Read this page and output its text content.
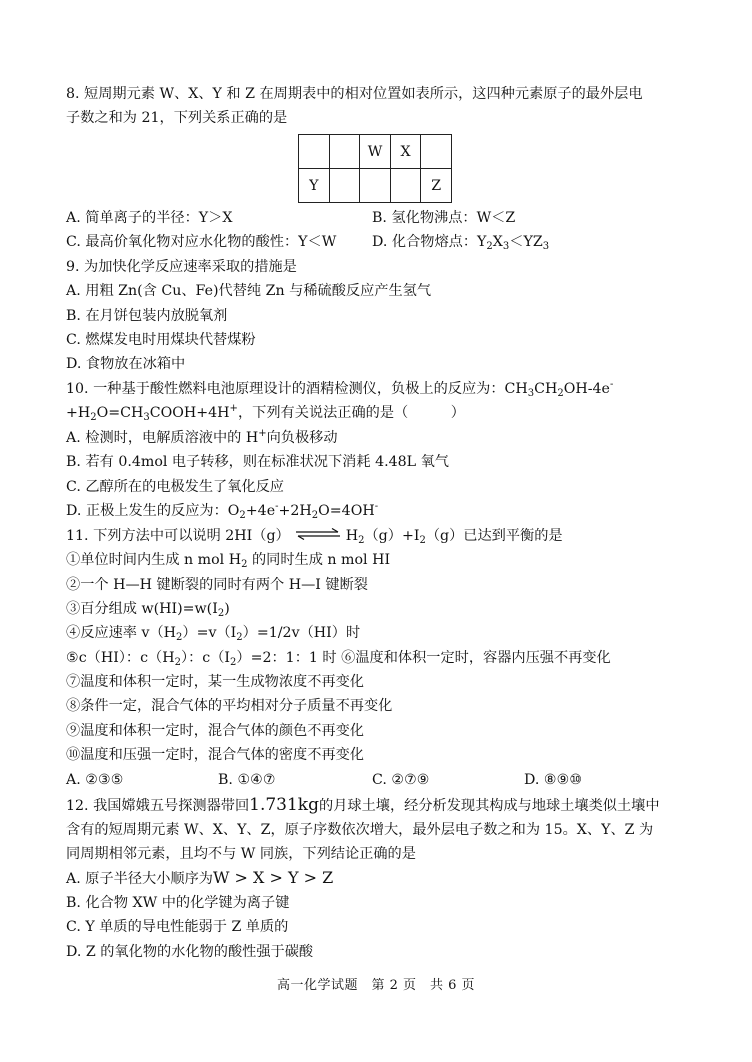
8. 短周期元素 W、X、Y 和 Z 在周期表中的相对位置如表所示，这四种元素原子的最外层电
子数之和为 21，下列关系正确的是
		W	X	
Y				Z
A. 简单离子的半径：Y＞X	B. 氢化物沸点：W＜Z
C. 最高价氧化物对应水化物的酸性：Y＜W	D. 化合物熔点：$Y_2X_3<YZ_3$
9. 为加快化学反应速率采取的措施是
A. 用粗 Zn(含 Cu、Fe)代替纯 Zn 与稀硫酸反应产生氢气
B. 在月饼包装内放脱氧剂
C. 燃煤发电时用煤块代替煤粉
D. 食物放在冰箱中
10. 一种基于酸性燃料电池原理设计的酒精检测仪，负极上的反应为：$CH_3CH_2OH-4e^-$
$+H_2O=CH_3COOH+4H^+$，下列有关说法正确的是（　　　）
A. 检测时，电解质溶液中的 H+向负极移动
B. 若有 0.4mol 电子转移，则在标准状况下消耗 4.48L 氧气
C. 乙醇所在的电极发生了氧化反应
D. 正极上发生的反应为：$O_2+4e^-+2H_2O=4OH^-$
11. 下列方法中可以说明 2HI（g） ⇌ $H_2(g)+I_2(g)$已达到平衡的是
①单位时间内生成 n mol $H_2$ 的同时生成 n mol HI
②一个 H—H 键断裂的同时有两个 H—I 键断裂
③百分组成 $w(HI)=w(I_2)$
④反应速率 $v(H_2)=v(I_2)=1/2v(HI)$时
⑤c（HI）：$c(H_2)$：$c(I_2)=2$：1：1 时 ⑥温度和体积一定时，容器内压强不再变化
⑦温度和体积一定时，某一生成物浓度不再变化
⑧条件一定，混合气体的平均相对分子质量不再变化
⑨温度和体积一定时，混合气体的颜色不再变化
⑩温度和压强一定时，混合气体的密度不再变化
A. ②③⑤	B. ①④⑦	C. ②⑦⑨	D. ⑧⑨⑩
12. 我国嫦娥五号探测器带回1.731kg的月球土壤，经分析发现其构成与地球土壤类似土壤中
含有的短周期元素 W、X、Y、Z，原子序数依次增大，最外层电子数之和为 15。X、Y、Z 为
同周期相邻元素，且均不与 W 同族，下列结论正确的是
A. 原子半径大小顺序为W > X > Y > Z
B. 化合物 XW 中的化学键为离子键
C. Y 单质的导电性能弱于 Z 单质的
D. Z 的氧化物的水化物的酸性强于碳酸
高一化学试题　第 2 页　共 6 页
